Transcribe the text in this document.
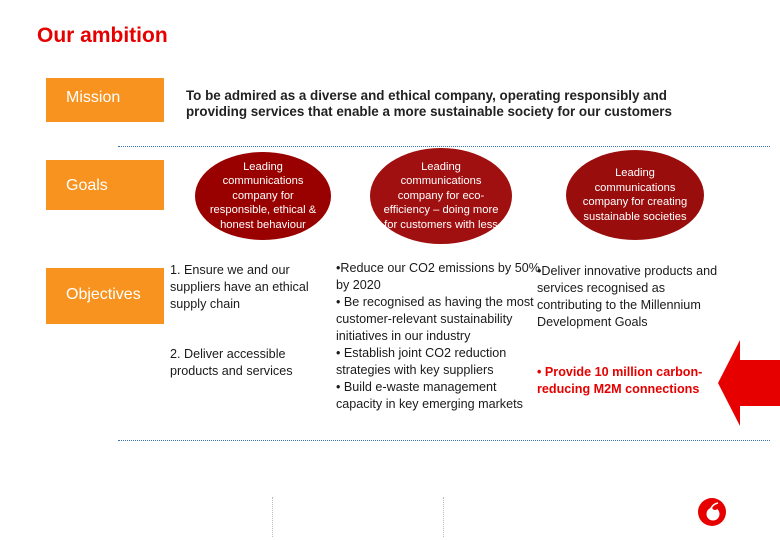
Our ambition
Mission	To be admired as a diverse and ethical company, operating responsibly and providing services that enable a more sustainable society for our customers
Goals
Leading communications company for responsible, ethical & honest behaviour
Leading communications company for eco-efficiency – doing more for customers with less
Leading communications company for creating sustainable societies
Objectives
1. Ensure we and our suppliers have an ethical supply chain
2. Deliver accessible products and services
•Reduce our CO2 emissions by 50% by 2020
• Be recognised as having the most customer-relevant sustainability initiatives in our industry
• Establish joint CO2 reduction strategies with key suppliers
• Build e-waste management capacity in key emerging markets
•Deliver innovative products and services recognised as contributing to the Millennium Development Goals
• Provide 10 million carbon-reducing M2M connections
